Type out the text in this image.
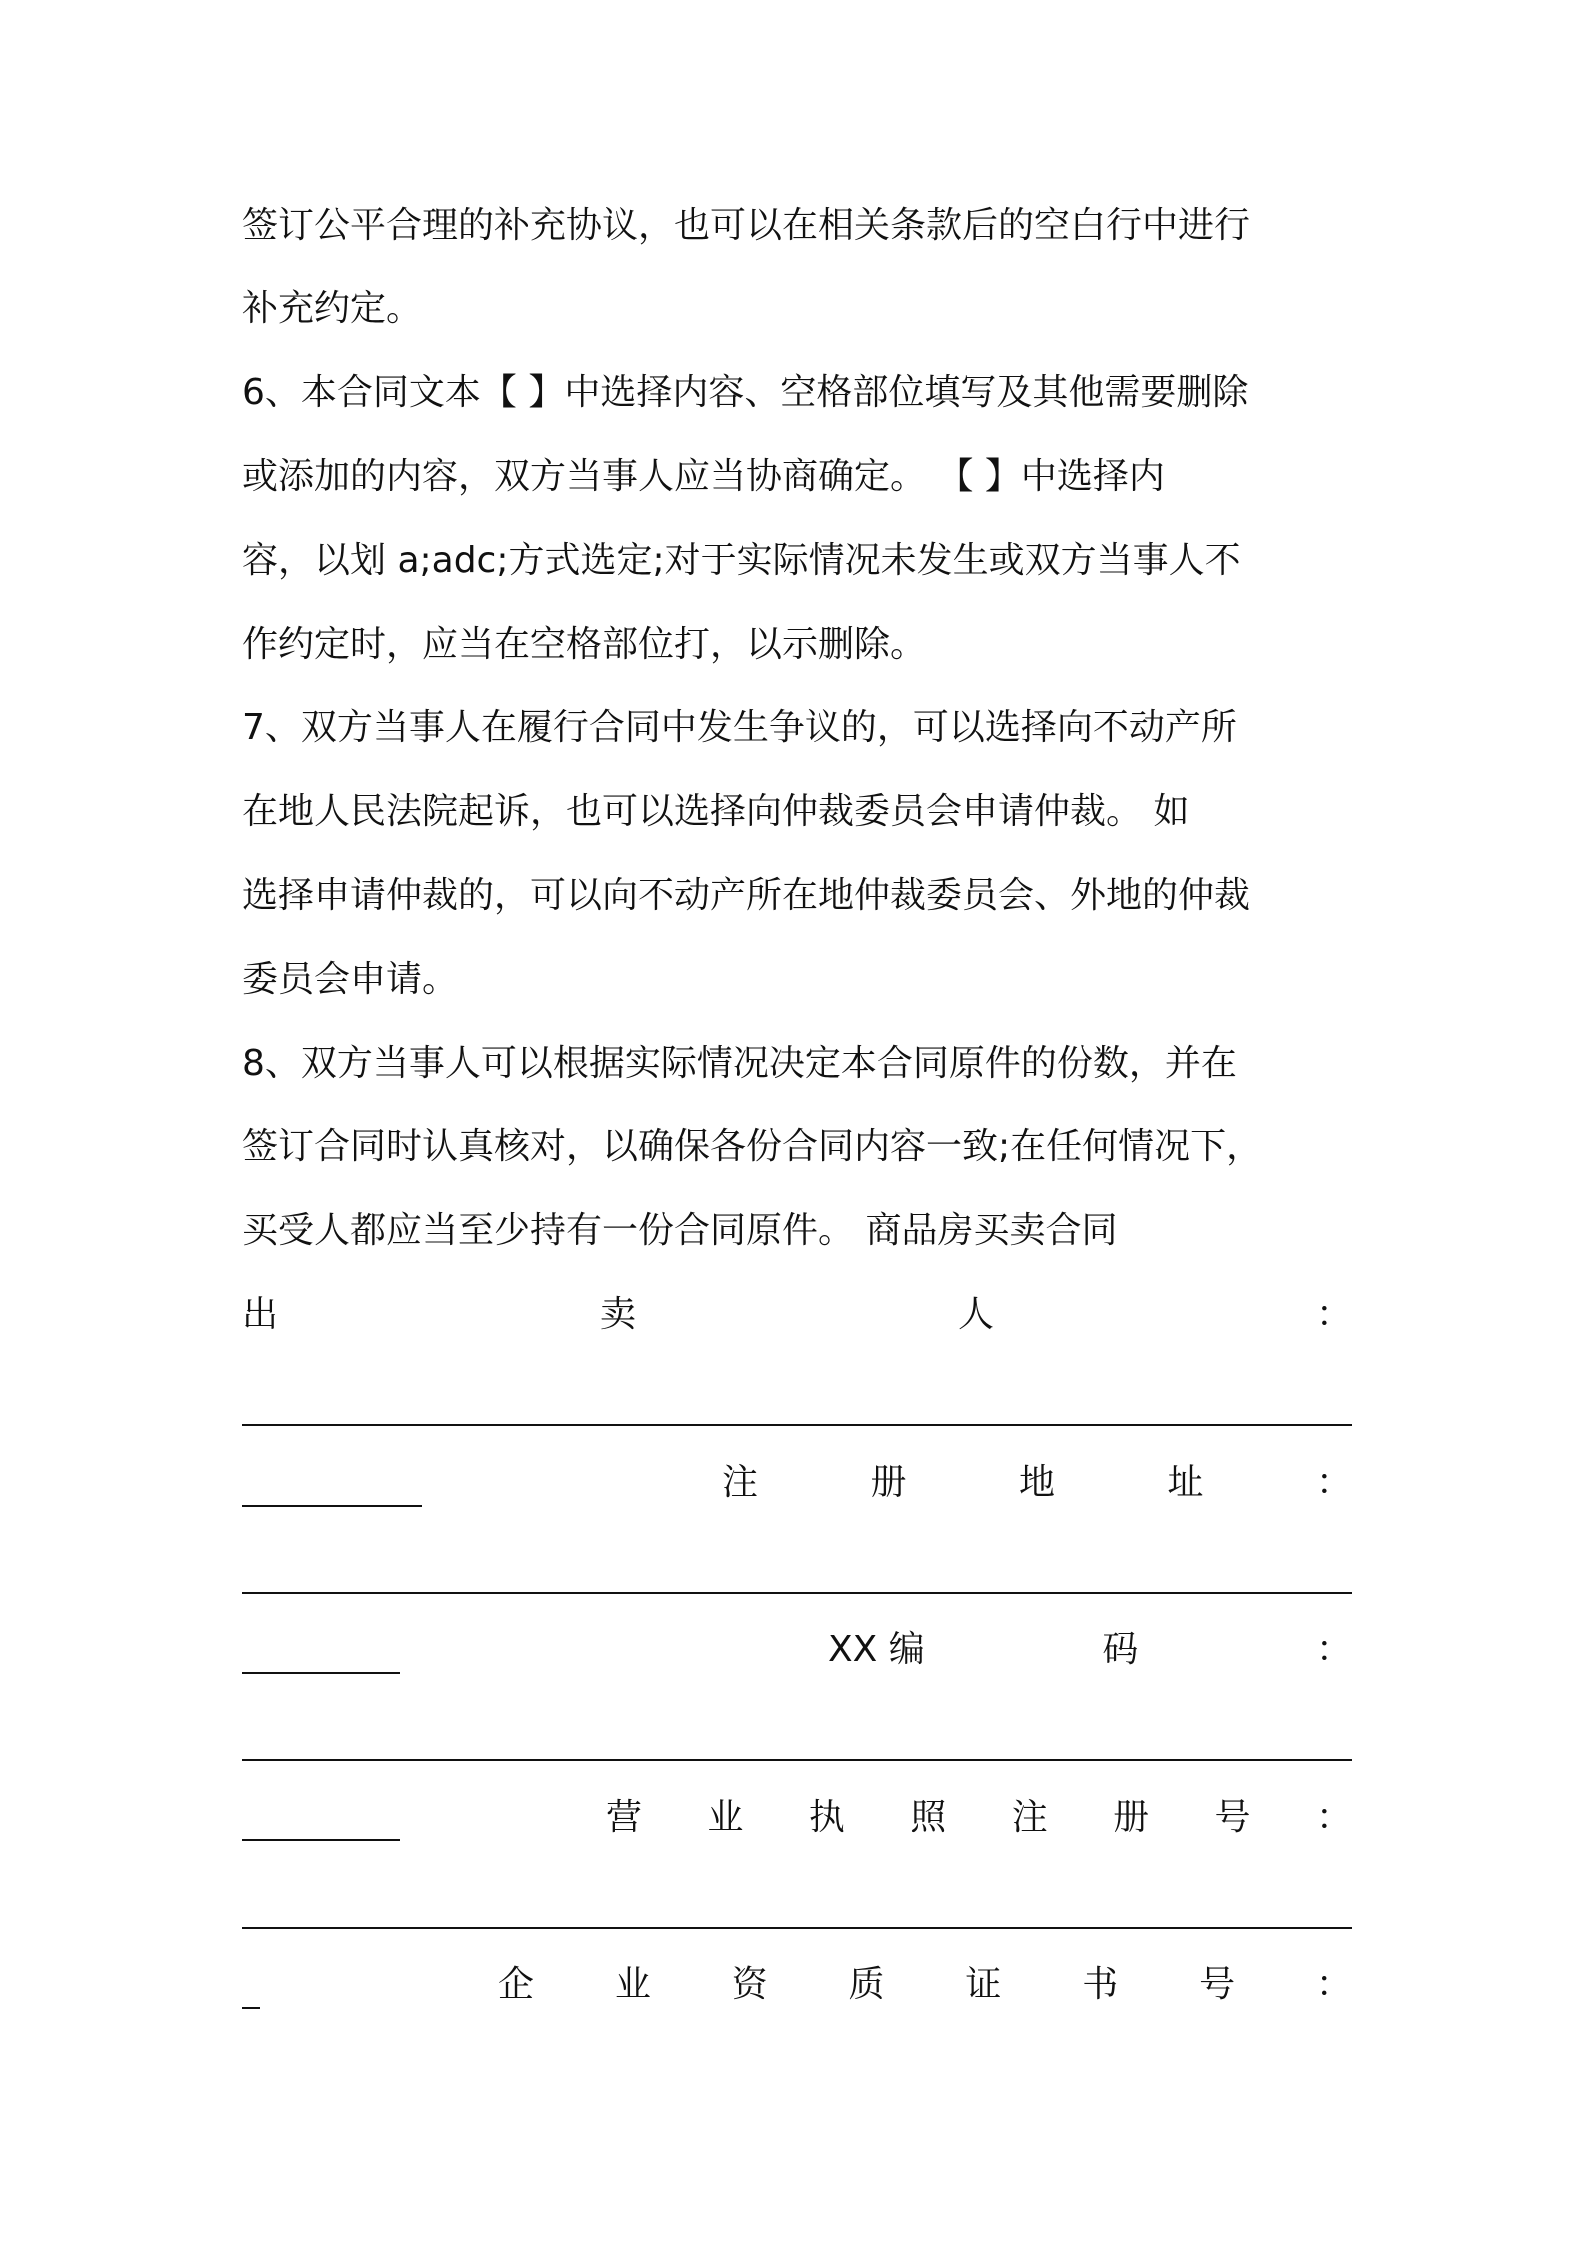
签订公平合理的补充协议，也可以在相关条款后的空白行中进行
补充约定。
6、本合同文本【 】中选择内容、空格部位填写及其他需要删除
或添加的内容，双方当事人应当协商确定。 【 】中选择内
容，以划 a;adc;方式选定;对于实际情况未发生或双方当事人不
作约定时，应当在空格部位打，以示删除。
7、双方当事人在履行合同中发生争议的，可以选择向不动产所
在地人民法院起诉，也可以选择向仲裁委员会申请仲裁。 如
选择申请仲裁的，可以向不动产所在地仲裁委员会、外地的仲裁
委员会申请。
8、双方当事人可以根据实际情况决定本合同原件的份数，并在
签订合同时认真核对，以确保各份合同内容一致;在任何情况下，
买受人都应当至少持有一份合同原件。 商品房买卖合同
出	卖	人	：
注	册	地	址	：
XX 编	码	：
营 业 执 照 注 册 号 ：
企 业 资 质 证 书 号 ：
